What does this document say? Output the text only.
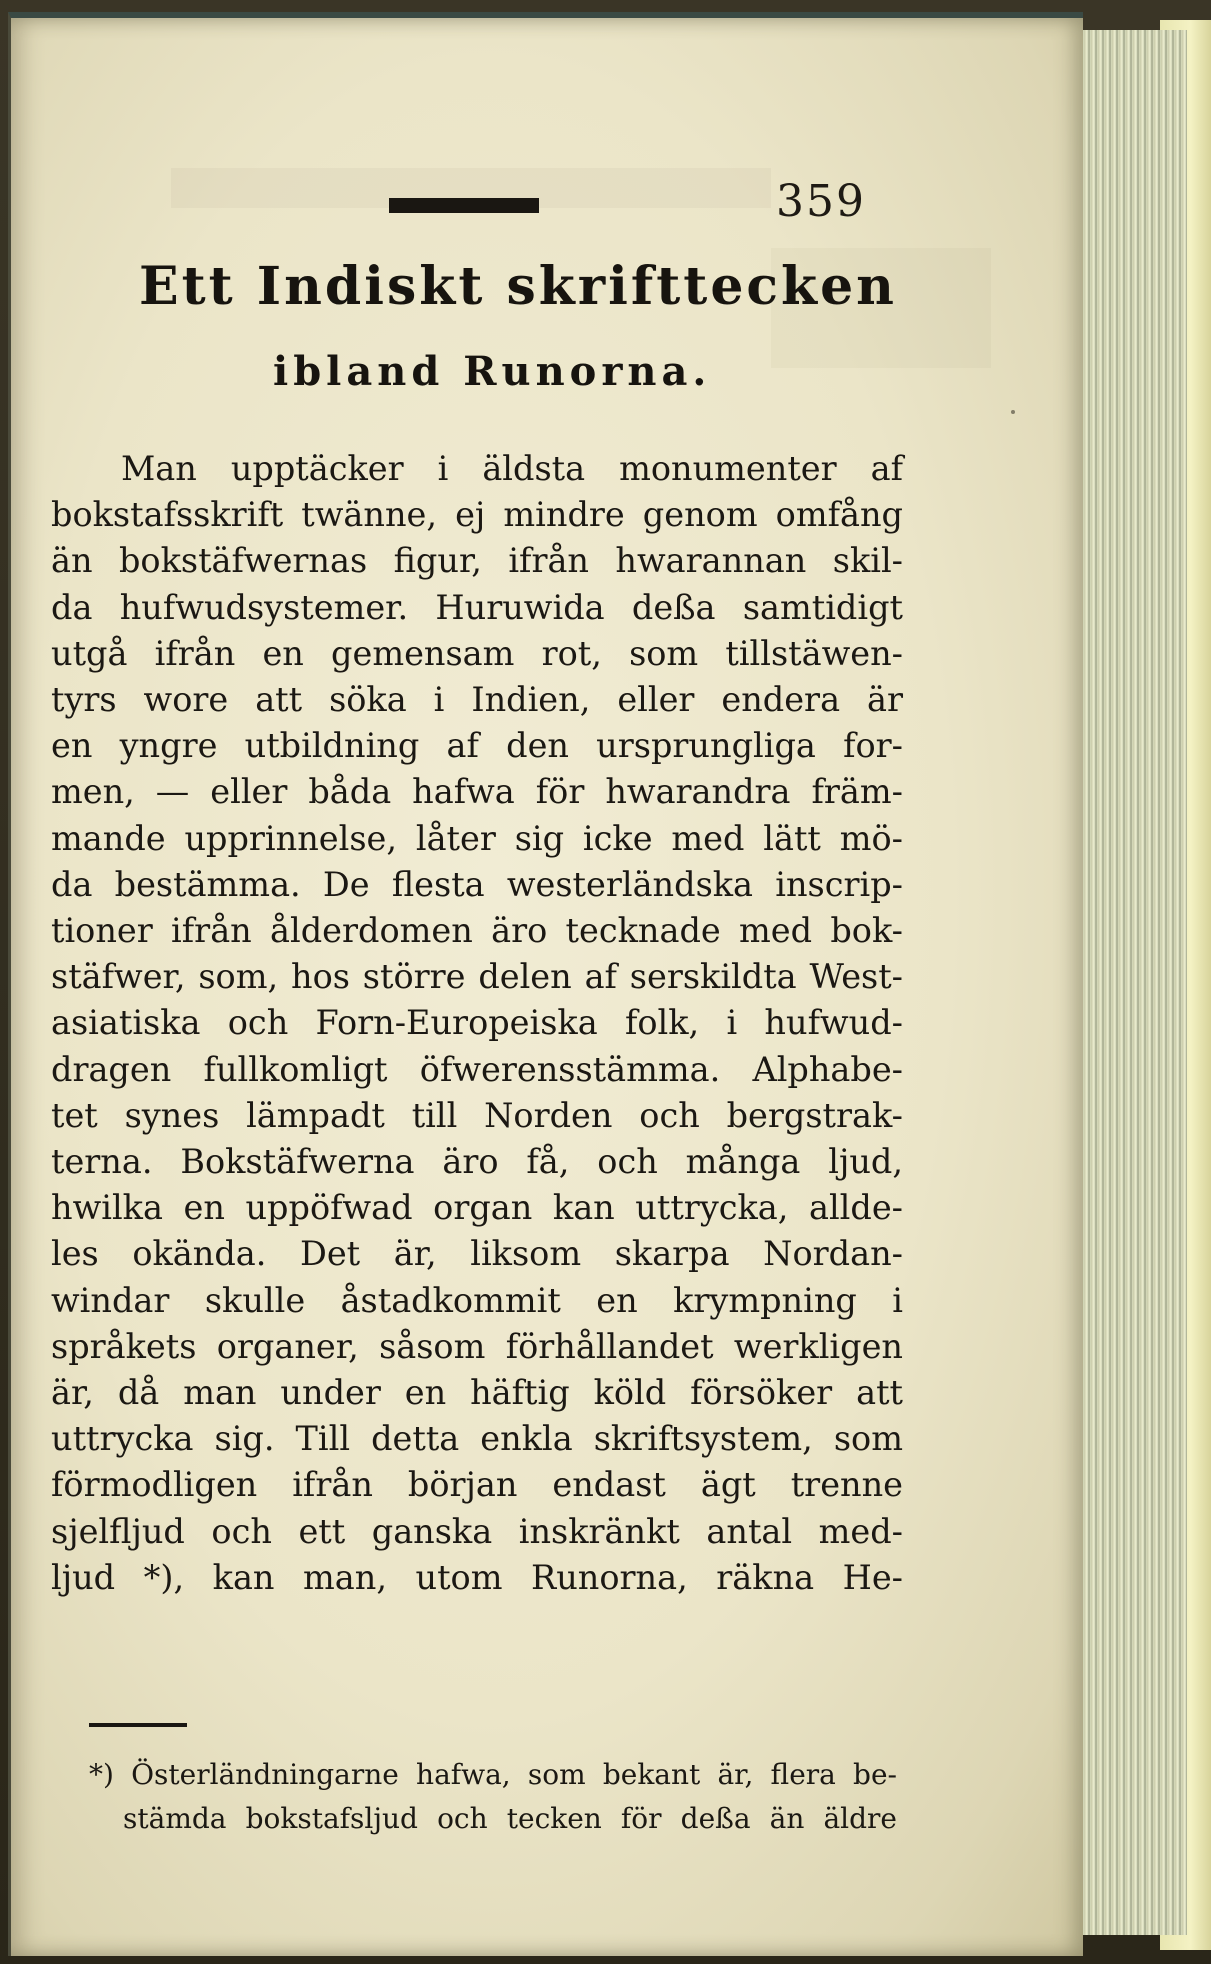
359
Ett Indiskt skrifttecken
ibland Runorna.
Man upptäcker i äldsta monumenter af
bokstafsskrift twänne, ej mindre genom omfång
än bokstäfwernas figur, ifrån hwarannan skil-
da hufwudsystemer. Huruwida deßa samtidigt
utgå ifrån en gemensam rot, som tillstäwen-
tyrs wore att söka i Indien, eller endera är
en yngre utbildning af den ursprungliga for-
men, — eller båda hafwa för hwarandra främ-
mande upprinnelse, låter sig icke med lätt mö-
da bestämma. De flesta westerländska inscrip-
tioner ifrån ålderdomen äro tecknade med bok-
stäfwer, som, hos större delen af serskildta West-
asiatiska och Forn-Europeiska folk, i hufwud-
dragen fullkomligt öfwerensstämma. Alphabe-
tet synes lämpadt till Norden och bergstrak-
terna. Bokstäfwerna äro få, och många ljud,
hwilka en uppöfwad organ kan uttrycka, allde-
les okända. Det är, liksom skarpa Nordan-
windar skulle åstadkommit en krympning i
språkets organer, såsom förhållandet werkligen
är, då man under en häftig köld försöker att
uttrycka sig. Till detta enkla skriftsystem, som
förmodligen ifrån början endast ägt trenne
sjelfljud och ett ganska inskränkt antal med-
ljud *), kan man, utom Runorna, räkna He-
*) Österländningarne hafwa, som bekant är, flera be-
stämda bokstafsljud och tecken för deßa än äldre
